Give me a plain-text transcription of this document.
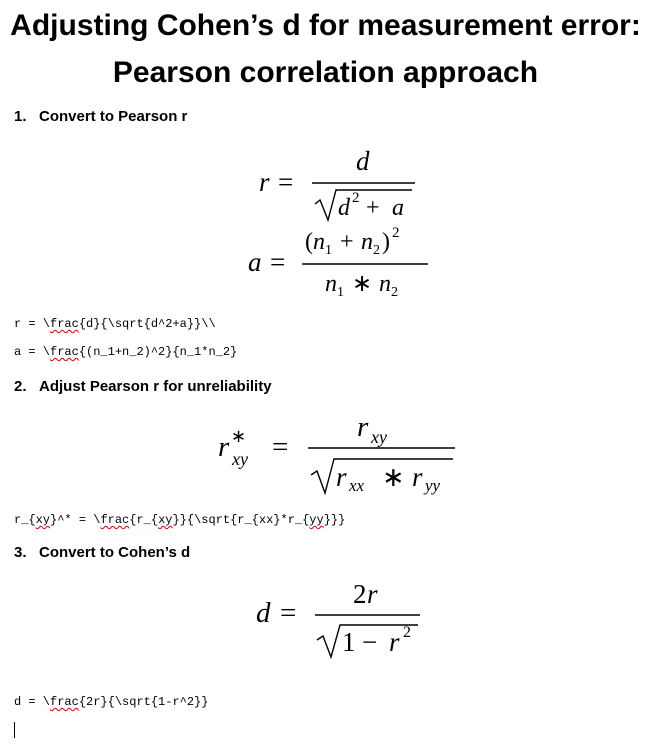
Adjusting Cohen’s d for measurement error: Pearson correlation approach
1. Convert to Pearson r
r =
d
d 2 + a
a =
( n 1 + n 2 ) 2
n 1 ∗ n 2
r = \frac{d}{\sqrt{d^2+a}}\\
a = \frac{(n_1+n_2)^2}{n_1*n_2}
2. Adjust Pearson r for unreliability
r ∗
xy =
r xy
r xx ∗ r yy
r_{xy}^* = \frac{r_{xy}}{\sqrt{r_{xx}*r_{yy}}}
3. Convert to Cohen’s d
d =
2 r
1 − r 2
d = \frac{2r}{\sqrt{1-r^2}}
